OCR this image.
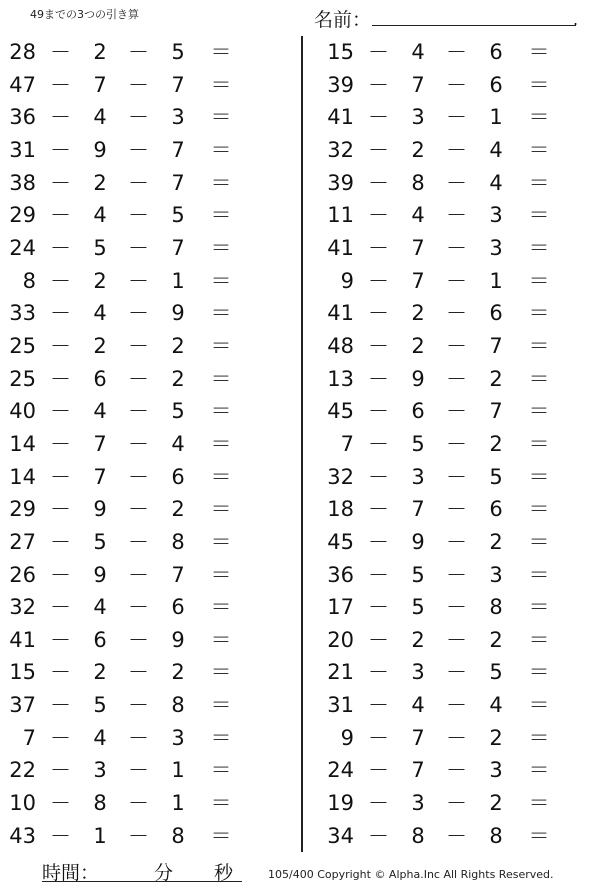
49までの3つの引き算	名前：	.
28 － 2 － 5 ＝
47 － 7 － 7 ＝
36 － 4 － 3 ＝
31 － 9 － 7 ＝
38 － 2 － 7 ＝
29 － 4 － 5 ＝
24 － 5 － 7 ＝
8 － 2 － 1 ＝
33 － 4 － 9 ＝
25 － 2 － 2 ＝
25 － 6 － 2 ＝
40 － 4 － 5 ＝
14 － 7 － 4 ＝
14 － 7 － 6 ＝
29 － 9 － 2 ＝
27 － 5 － 8 ＝
26 － 9 － 7 ＝
32 － 4 － 6 ＝
41 － 6 － 9 ＝
15 － 2 － 2 ＝
37 － 5 － 8 ＝
7 － 4 － 3 ＝
22 － 3 － 1 ＝
10 － 8 － 1 ＝
43 － 1 － 8 ＝
15 － 4 － 6 ＝
39 － 7 － 6 ＝
41 － 3 － 1 ＝
32 － 2 － 4 ＝
39 － 8 － 4 ＝
11 － 4 － 3 ＝
41 － 7 － 3 ＝
9 － 7 － 1 ＝
41 － 2 － 6 ＝
48 － 2 － 7 ＝
13 － 9 － 2 ＝
45 － 6 － 7 ＝
7 － 5 － 2 ＝
32 － 3 － 5 ＝
18 － 7 － 6 ＝
45 － 9 － 2 ＝
36 － 5 － 3 ＝
17 － 5 － 8 ＝
20 － 2 － 2 ＝
21 － 3 － 5 ＝
31 － 4 － 4 ＝
9 － 7 － 2 ＝
24 － 7 － 3 ＝
19 － 3 － 2 ＝
34 － 8 － 8 ＝
時間：	分 秒	105/400 Copyright © Alpha.Inc All Rights Reserved.
